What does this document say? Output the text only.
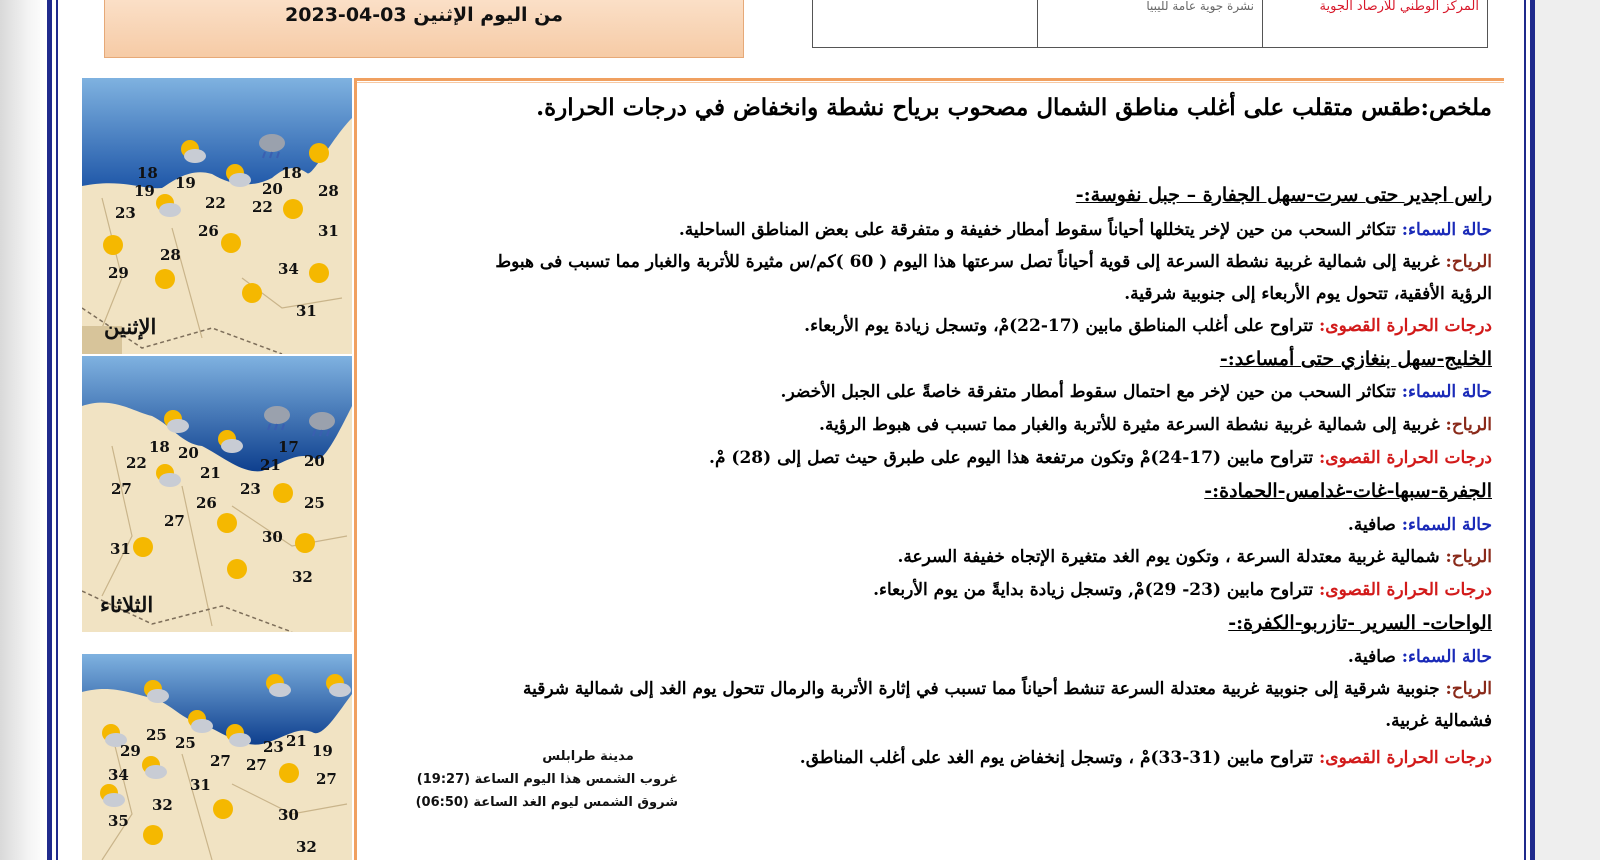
من اليوم الإثنين 03-04-2023	نشرة جوية عامة لليبيا	المركز الوطني للأرصاد الجوية
18
19 19
23
22
20
22
18
28
26	31
28
29	34
31
الإثنين
18 20
22
21
17
21 20
27	23
26	25
27
30
31
32
الثلاثاء
25 25
29	23 21
19
27 27
34
31	27
32
30
35
32
ملخص:طقس متقلب على أغلب مناطق الشمال مصحوب برياح نشطة وانخفاض في درجات الحرارة.
راس اجدير حتى سرت-سهل الجفارة – جبل نفوسة:-
حالة السماء: تتكاثر السحب من حين لإخر يتخللها أحياناً سقوط أمطار خفيفة و متفرقة على بعض المناطق الساحلية.
الرياح: غربية إلى شمالية غربية نشطة السرعة إلى قوية أحياناً تصل سرعتها هذا اليوم ( 60 )كم/س مثيرة للأتربة والغبار مما تسبب فى هبوط
الرؤية الأفقية، تتحول يوم الأربعاء إلى جنوبية شرقية.
درجات الحرارة القصوى: تتراوح على أغلب المناطق مابين (17-22)مْ، وتسجل زيادة يوم الأربعاء.
الخليج-سهل بنغازي حتى أمساعد:-
حالة السماء: تتكاثر السحب من حين لإخر مع احتمال سقوط أمطار متفرقة خاصةً على الجبل الأخضر.
الرياح: غربية إلى شمالية غربية نشطة السرعة مثيرة للأتربة والغبار مما تسبب فى هبوط الرؤية.
درجات الحرارة القصوى: تتراوح مابين (17-24)مْ وتكون مرتفعة هذا اليوم على طبرق حيث تصل إلى (28) مْ.
الجفرة-سبها-غات-غدامس-الحمادة:-
حالة السماء: صافية.
الرياح: شمالية غربية معتدلة السرعة ، وتكون يوم الغد متغيرة الإتجاه خفيفة السرعة.
درجات الحرارة القصوى: تتراوح مابين (23- 29)مْ, وتسجل زيادة بدايةً من يوم الأربعاء.
الواحات- السرير -تازربو-الكفرة:-
حالة السماء: صافية.
الرياح: جنوبية شرقية إلى جنوبية غربية معتدلة السرعة تنشط أحياناً مما تسبب في إثارة الأتربة والرمال تتحول يوم الغد إلى شمالية شرقية
فشمالية غربية.
درجات الحرارة القصوى: تتراوح مابين (31-33)مْ ، وتسجل إنخفاض يوم الغد على أغلب المناطق.
مدينة طرابلس
غروب الشمس هذا اليوم الساعة (19:27)
شروق الشمس ليوم الغد الساعة (06:50)
